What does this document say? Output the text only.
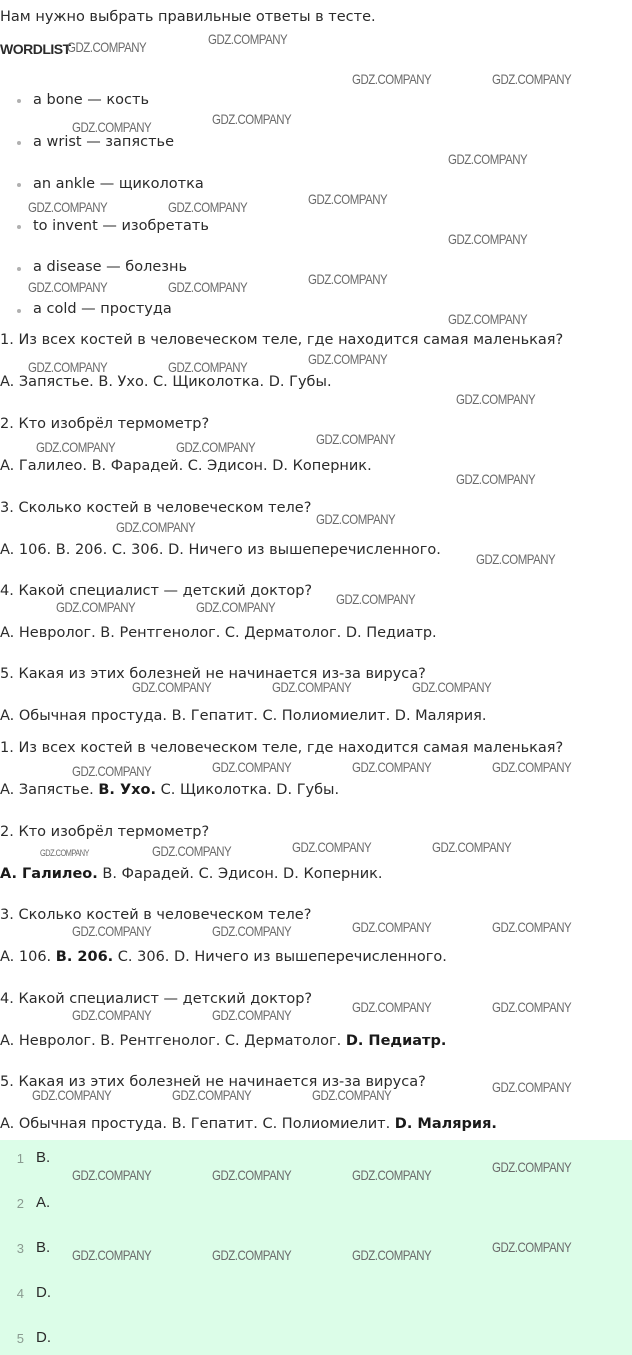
Нам нужно выбрать правильные ответы в тесте.
WORDLIST
a bone — кость
a wrist — запястье
an ankle — щиколотка
to invent — изобретать
a disease — болезнь
a cold — простуда
1. Из всех костей в человеческом теле, где находится самая маленькая?
A. Запястье. B. Ухо. C. Щиколотка. D. Губы.
2. Кто изобрёл термометр?
A. Галилео. B. Фарадей. C. Эдисон. D. Коперник.
3. Сколько костей в человеческом теле?
A. 106. B. 206. C. 306. D. Ничего из вышеперечисленного.
4. Какой специалист — детский доктор?
A. Невролог. B. Рентгенолог. C. Дерматолог. D. Педиатр.
5. Какая из этих болезней не начинается из-за вируса?
A. Обычная простуда. B. Гепатит. C. Полиомиелит. D. Малярия.
1. Из всех костей в человеческом теле, где находится самая маленькая?
A. Запястье. B. Ухо. C. Щиколотка. D. Губы.
2. Кто изобрёл термометр?
A. Галилео. B. Фарадей. C. Эдисон. D. Коперник.
3. Сколько костей в человеческом теле?
A. 106. B. 206. C. 306. D. Ничего из вышеперечисленного.
4. Какой специалист — детский доктор?
A. Невролог. B. Рентгенолог. C. Дерматолог. D. Педиатр.
5. Какая из этих болезней не начинается из-за вируса?
A. Обычная простуда. B. Гепатит. C. Полиомиелит. D. Малярия.
1 B.
2 A.
3 B.
4 D.
5 D.
GDZ.COMPANY	GDZ.COMPANY
GDZ.COMPANY	GDZ.COMPANY
GDZ.COMPANY	GDZ.COMPANY
GDZ.COMPANY
GDZ.COMPANY	GDZ.COMPANY	GDZ.COMPANY
GDZ.COMPANY
GDZ.COMPANY	GDZ.COMPANY	GDZ.COMPANY
GDZ.COMPANY
GDZ.COMPANY	GDZ.COMPANY	GDZ.COMPANY
GDZ.COMPANY
GDZ.COMPANY	GDZ.COMPANY	GDZ.COMPANY
GDZ.COMPANY
GDZ.COMPANY	GDZ.COMPANY
GDZ.COMPANY
GDZ.COMPANY	GDZ.COMPANY	GDZ.COMPANY
GDZ.COMPANY	GDZ.COMPANY	GDZ.COMPANY
GDZ.COMPANY	GDZ.COMPANY	GDZ.COMPANY	GDZ.COMPANY
GDZ.COMPANY	GDZ.COMPANY	GDZ.COMPANY	GDZ.COMPANY
GDZ.COMPANY	GDZ.COMPANY	GDZ.COMPANY	GDZ.COMPANY
GDZ.COMPANY	GDZ.COMPANY	GDZ.COMPANY	GDZ.COMPANY
GDZ.COMPANY	GDZ.COMPANY	GDZ.COMPANY	GDZ.COMPANY
GDZ.COMPANY	GDZ.COMPANY	GDZ.COMPANY	GDZ.COMPANY
GDZ.COMPANY	GDZ.COMPANY	GDZ.COMPANY	GDZ.COMPANY
